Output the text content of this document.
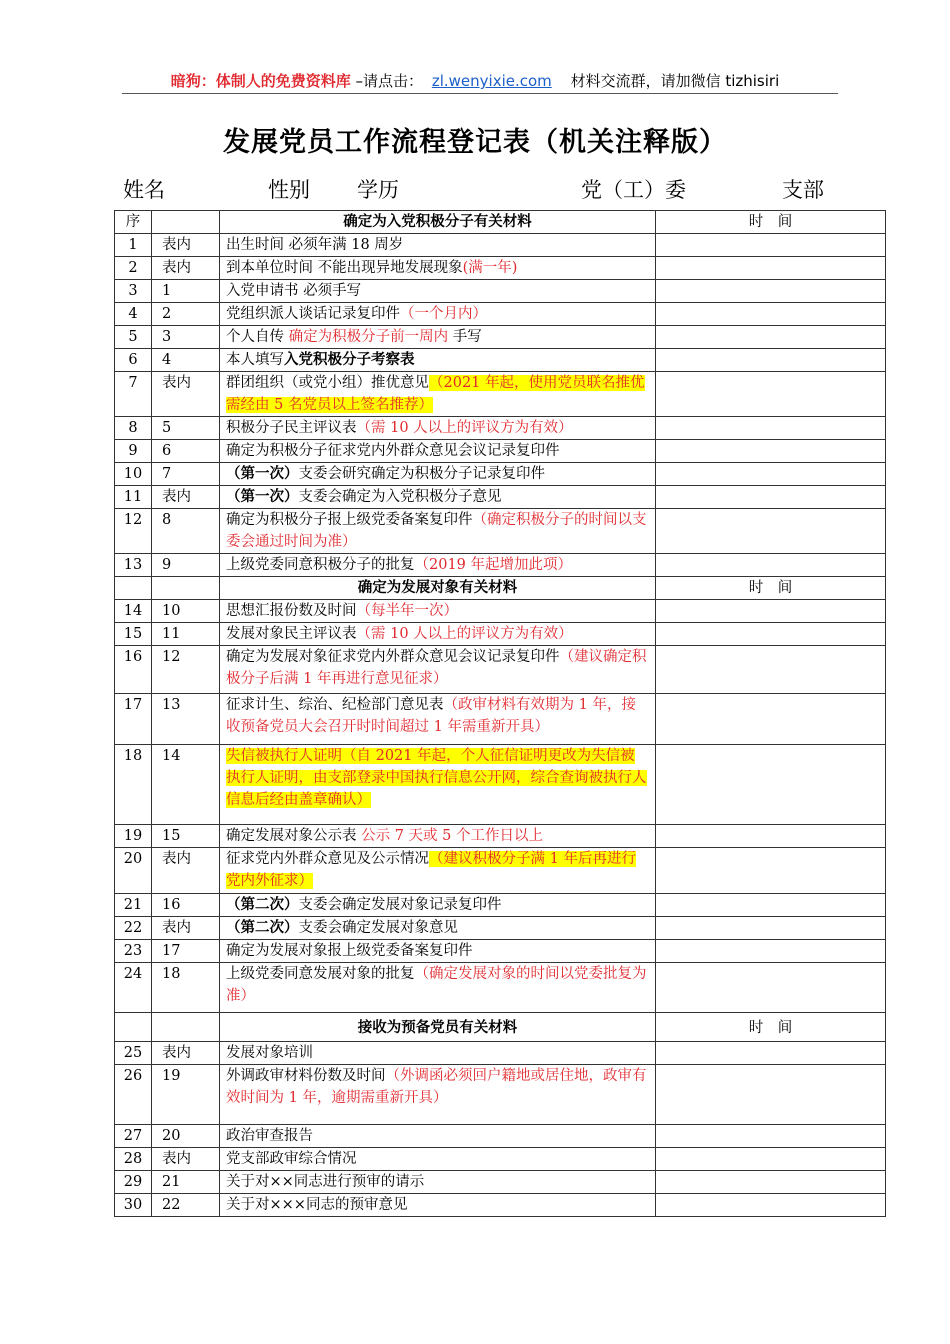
暗狗：体制人的免费资料库 –请点击： zl.wenyixie.com 材料交流群，请加微信 tizhisiri
发展党员工作流程登记表（机关注释版）
姓名	性别 学历	党（工）委	支部
序		确定为入党积极分子有关材料	时　间
1	表内	出生时间 必须年满 18 周岁	
2	表内	到本单位时间 不能出现异地发展现象(满一年)	
3	1	入党申请书 必须手写	
4	2	党组织派人谈话记录复印件（一个月内）	
5	3	个人自传 确定为积极分子前一周内 手写	
6	4	本人填写入党积极分子考察表	
7	表内	群团组织（或党小组）推优意见（2021 年起，使用党员联名推优需经由 5 名党员以上签名推荐）	
8	5	积极分子民主评议表（需 10 人以上的评议方为有效）	
9	6	确定为积极分子征求党内外群众意见会议记录复印件	
10	7	（第一次）支委会研究确定为积极分子记录复印件	
11	表内	（第一次）支委会确定为入党积极分子意见	
12	8	确定为积极分子报上级党委备案复印件（确定积极分子的时间以支委会通过时间为准）	
13	9	上级党委同意积极分子的批复（2019 年起增加此项）	
		确定为发展对象有关材料	时　间
14	10	思想汇报份数及时间（每半年一次）	
15	11	发展对象民主评议表（需 10 人以上的评议方为有效）	
16	12	确定为发展对象征求党内外群众意见会议记录复印件（建议确定积极分子后满 1 年再进行意见征求）	
17	13	征求计生、综治、纪检部门意见表（政审材料有效期为 1 年，接收预备党员大会召开时时间超过 1 年需重新开具）	
18	14	失信被执行人证明（自 2021 年起，个人征信证明更改为失信被执行人证明，由支部登录中国执行信息公开网，综合查询被执行人信息后经由盖章确认）	
19	15	确定发展对象公示表 公示 7 天或 5 个工作日以上	
20	表内	征求党内外群众意见及公示情况（建议积极分子满 1 年后再进行党内外征求）	
21	16	（第二次）支委会确定发展对象记录复印件	
22	表内	（第二次）支委会确定发展对象意见	
23	17	确定为发展对象报上级党委备案复印件	
24	18	上级党委同意发展对象的批复（确定发展对象的时间以党委批复为准）	
		接收为预备党员有关材料	时　间
25	表内	发展对象培训	
26	19	外调政审材料份数及时间（外调函必须回户籍地或居住地，政审有效时间为 1 年，逾期需重新开具）	
27	20	政治审查报告	
28	表内	党支部政审综合情况	
29	21	关于对××同志进行预审的请示	
30	22	关于对×××同志的预审意见	
